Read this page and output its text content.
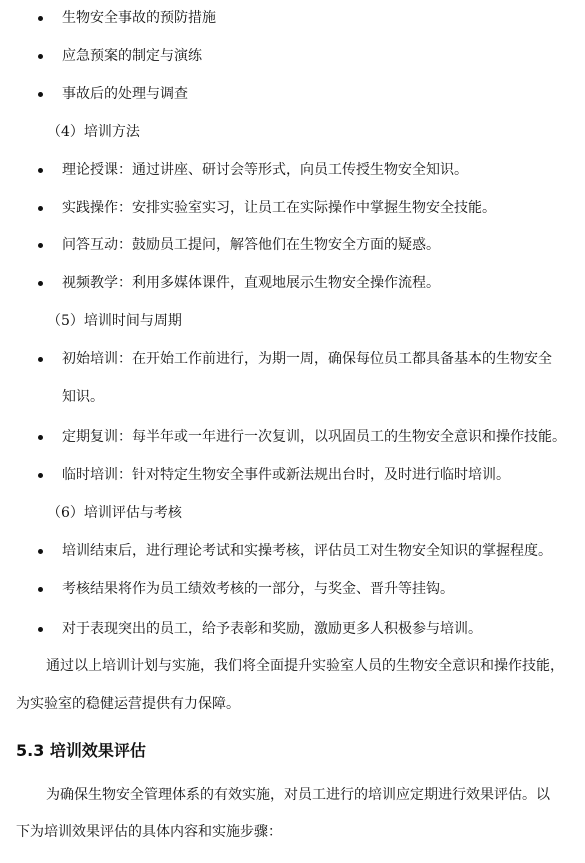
生物安全事故的预防措施
应急预案的制定与演练
事故后的处理与调查
（4）培训方法
理论授课：通过讲座、研讨会等形式，向员工传授生物安全知识。
实践操作：安排实验室实习，让员工在实际操作中掌握生物安全技能。
问答互动：鼓励员工提问，解答他们在生物安全方面的疑惑。
视频教学：利用多媒体课件，直观地展示生物安全操作流程。
（5）培训时间与周期
初始培训：在开始工作前进行，为期一周，确保每位员工都具备基本的生物安全
知识。
定期复训：每半年或一年进行一次复训，以巩固员工的生物安全意识和操作技能。
临时培训：针对特定生物安全事件或新法规出台时，及时进行临时培训。
（6）培训评估与考核
培训结束后，进行理论考试和实操考核，评估员工对生物安全知识的掌握程度。
考核结果将作为员工绩效考核的一部分，与奖金、晋升等挂钩。
对于表现突出的员工，给予表彰和奖励，激励更多人积极参与培训。
通过以上培训计划与实施，我们将全面提升实验室人员的生物安全意识和操作技能，
为实验室的稳健运营提供有力保障。
5.3 培训效果评估
为确保生物安全管理体系的有效实施，对员工进行的培训应定期进行效果评估。以
下为培训效果评估的具体内容和实施步骤：
